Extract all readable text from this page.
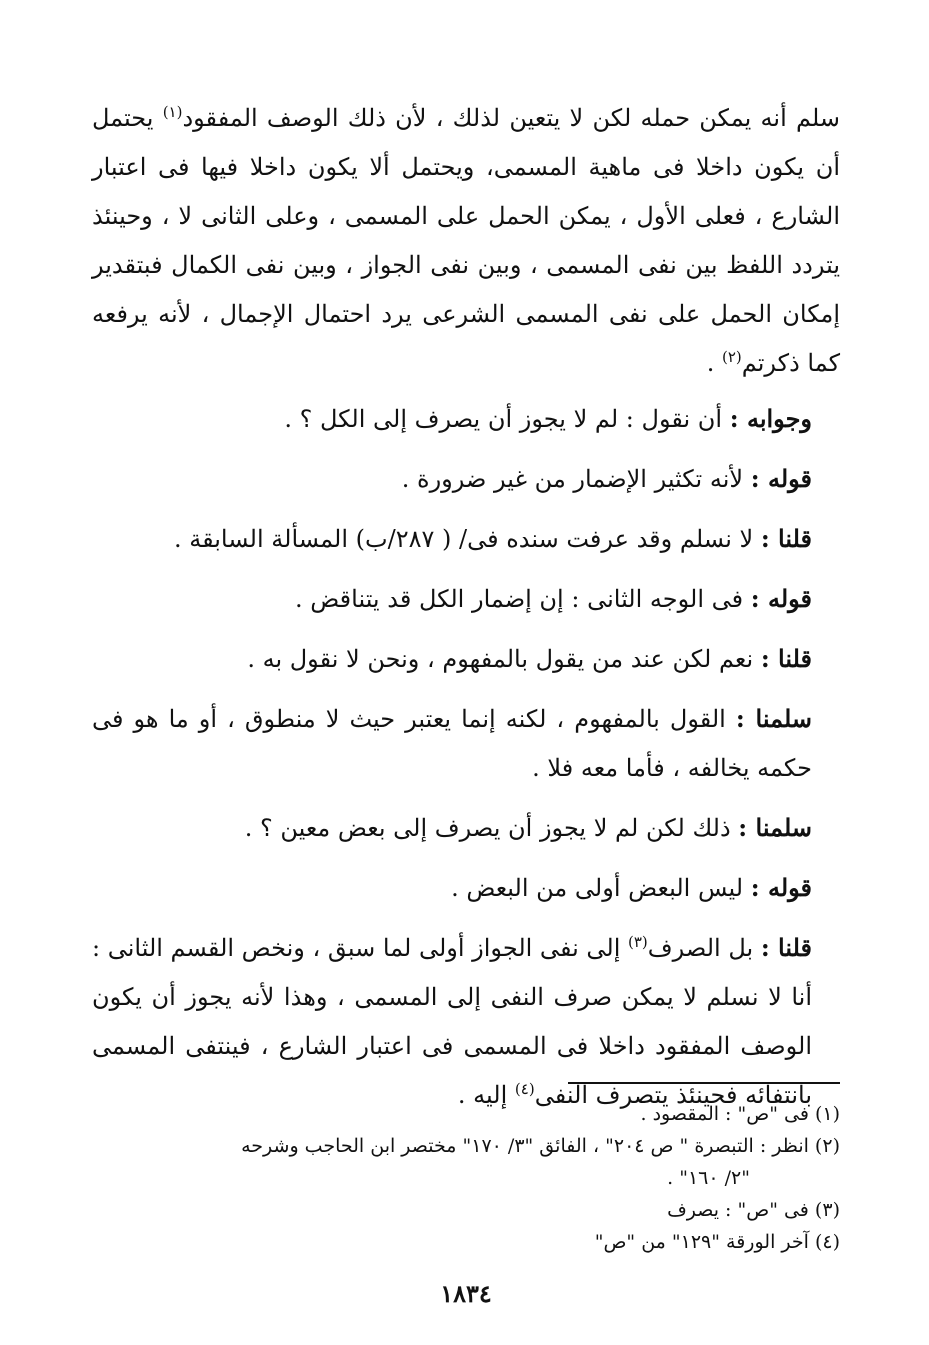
سلم أنه يمكن حمله لكن لا يتعين لذلك ، لأن ذلك الوصف المفقود$^{(١)}$ يحتمل أن يكون داخلا فى ماهية المسمى، ويحتمل ألا يكون داخلا فيها فى اعتبار الشارع ، فعلى الأول ، يمكن الحمل على المسمى ، وعلى الثانى لا ، وحينئذ يتردد اللفظ بين نفى المسمى ، وبين نفى الجواز ، وبين نفى الكمال فبتقدير إمكان الحمل على نفى المسمى الشرعى يرد احتمال الإجمال ، لأنه يرفعه كما ذكرتم$^{(٢)}$ .

وجوابه : أن نقول : لم لا يجوز أن يصرف إلى الكل ؟ .

قوله : لأنه تكثير الإضمار من غير ضرورة .

قلنا : لا نسلم وقد عرفت سنده فى/ ( ٢٨٧/ب) المسألة السابقة .

قوله : فى الوجه الثانى : إن إضمار الكل قد يتناقض .

قلنا : نعم لكن عند من يقول بالمفهوم ، ونحن لا نقول به .

سلمنا : القول بالمفهوم ، لكنه إنما يعتبر حيث لا منطوق ، أو ما هو فى حكمه يخالفه ، فأما معه فلا .

سلمنا : ذلك لكن لم لا يجوز أن يصرف إلى بعض معين ؟ .

قوله : ليس البعض أولى من البعض .

قلنا : بل الصرف$^{(٣)}$ إلى نفى الجواز أولى لما سبق ، ونخص القسم الثانى : أنا لا نسلم لا يمكن صرف النفى إلى المسمى ، وهذا لأنه يجوز أن يكون الوصف المفقود داخلا فى المسمى فى اعتبار الشارع ، فينتفى المسمى بانتفائه فحينئذ يتصرف النفى$^{(٤)}$ إليه .

(١) فى "ص" : المقصود .

(٢) انظر : التبصرة " ص ٢٠٤" ، الفائق "٣/ ١٧٠" مختصر ابن الحاجب وشرحه

"٢/ ١٦٠" .

(٣) فى "ص" : يصرف

(٤) آخر الورقة "١٢٩" من "ص"

١٨٣٤
